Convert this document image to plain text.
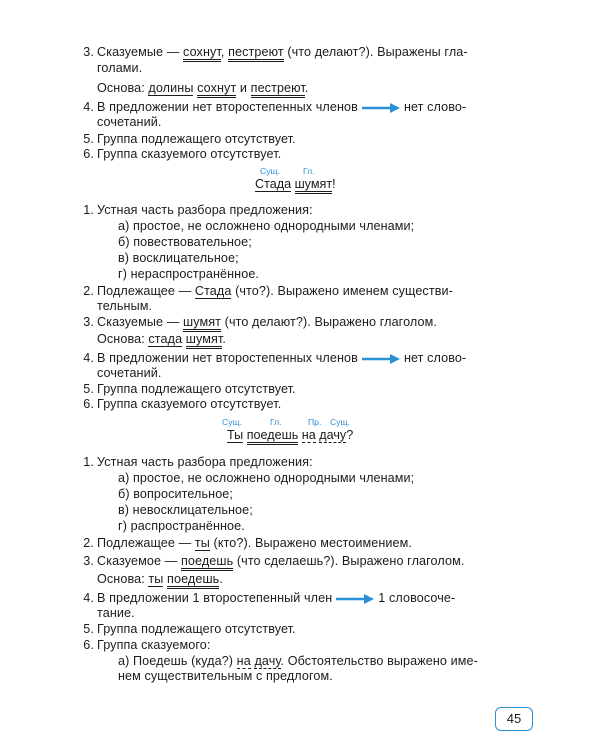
3. Сказуемые — сохнут, пестреют (что делают?). Выражены гла-
голами.
Основа: долины сохнут и пестреют.
4. В предложении нет второстепенных членов	нет слово-
сочетаний.
5. Группа подлежащего отсутствует.
6. Группа сказуемого отсутствует.
Сущ.	Гл.
Стада шумят!
1. Устная часть разбора предложения:
а) простое, не осложнено однородными членами;
б) повествовательное;
в) восклицательное;
г) нераспространённое.
2. Подлежащее — Стада (что?). Выражено именем существи-
тельным.
3. Сказуемые — шумят (что делают?). Выражено глаголом.
Основа: стада шумят.
4. В предложении нет второстепенных членов	нет слово-
сочетаний.
5. Группа подлежащего отсутствует.
6. Группа сказуемого отсутствует.
Сущ.	Гл.	Пр. Сущ.
Ты поедешь на дачу?
1. Устная часть разбора предложения:
а) простое, не осложнено однородными членами;
б) вопросительное;
в) невосклицательное;
г) распространённое.
2. Подлежащее — ты (кто?). Выражено местоимением.
3. Сказуемое — поедешь (что сделаешь?). Выражено глаголом.
Основа: ты поедешь.
4. В предложении 1 второстепенный член	1 словосоче-
тание.
5. Группа подлежащего отсутствует.
6. Группа сказуемого:
а) Поедешь (куда?) на дачу. Обстоятельство выражено име-
нем существительным с предлогом.
45
